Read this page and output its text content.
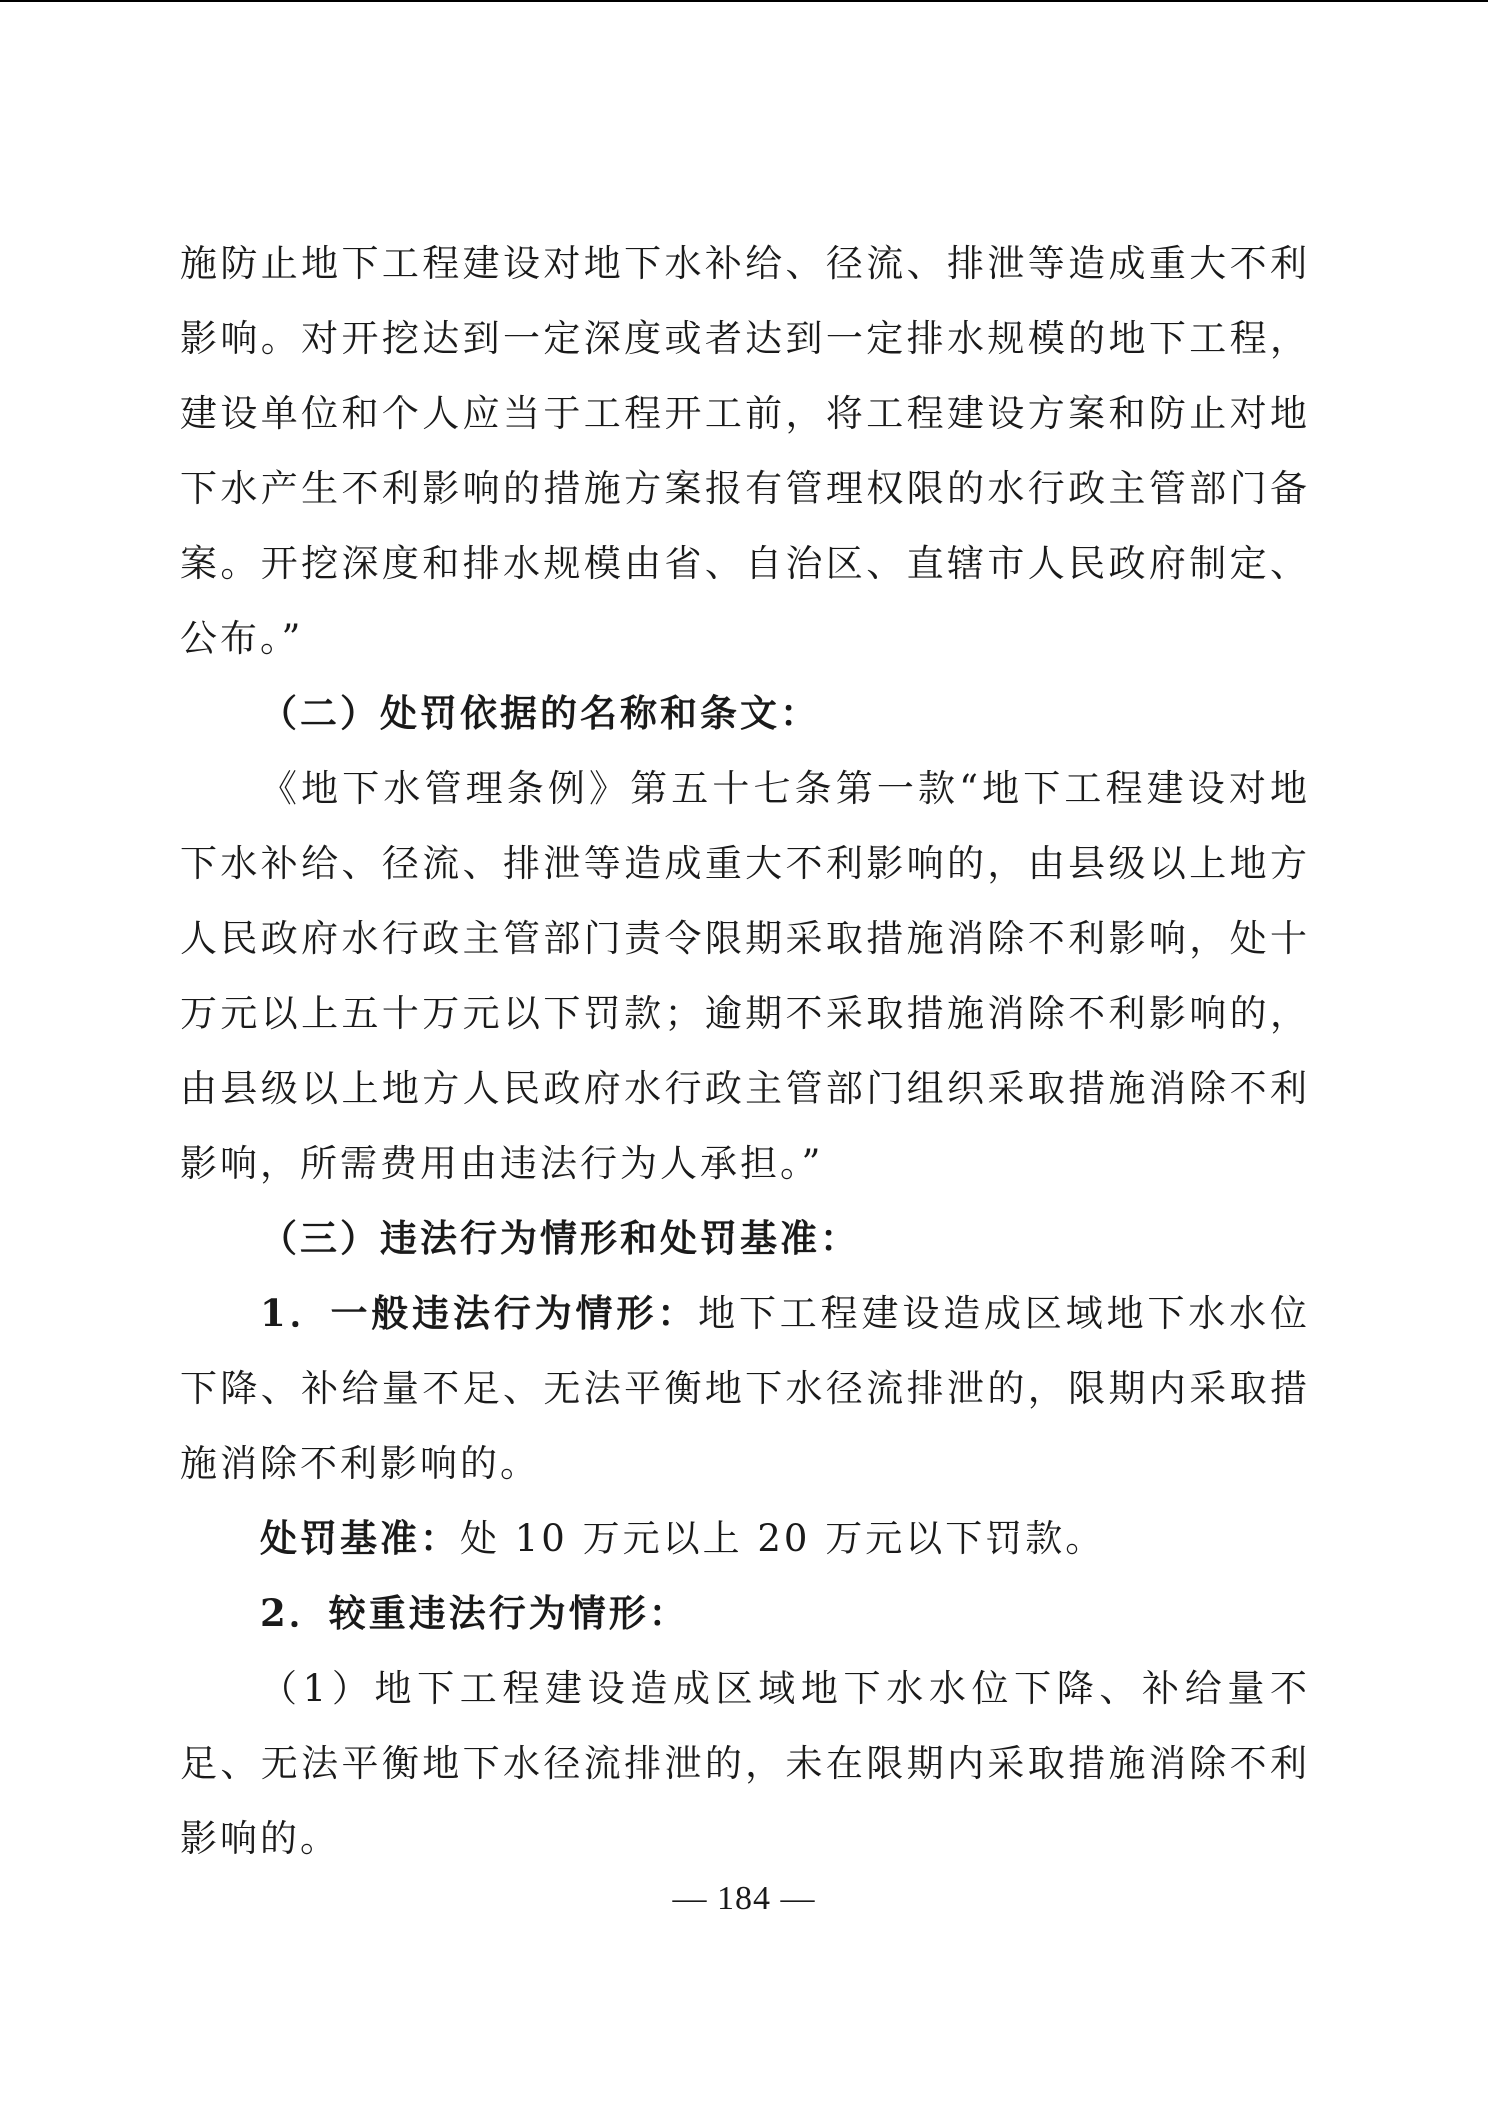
施防止地下工程建设对地下水补给、径流、排泄等造成重大不利影响。对开挖达到一定深度或者达到一定排水规模的地下工程，建设单位和个人应当于工程开工前，将工程建设方案和防止对地下水产生不利影响的措施方案报有管理权限的水行政主管部门备案。开挖深度和排水规模由省、自治区、直辖市人民政府制定、公布。”

（二）处罚依据的名称和条文：

《地下水管理条例》第五十七条第一款“地下工程建设对地下水补给、径流、排泄等造成重大不利影响的，由县级以上地方人民政府水行政主管部门责令限期采取措施消除不利影响，处十万元以上五十万元以下罚款；逾期不采取措施消除不利影响的，由县级以上地方人民政府水行政主管部门组织采取措施消除不利影响，所需费用由违法行为人承担。”

（三）违法行为情形和处罚基准：

1．一般违法行为情形：地下工程建设造成区域地下水水位下降、补给量不足、无法平衡地下水径流排泄的，限期内采取措施消除不利影响的。

处罚基准：处 10 万元以上 20 万元以下罚款。

2．较重违法行为情形：

（1）地下工程建设造成区域地下水水位下降、补给量不足、无法平衡地下水径流排泄的，未在限期内采取措施消除不利影响的。

— 184 —
